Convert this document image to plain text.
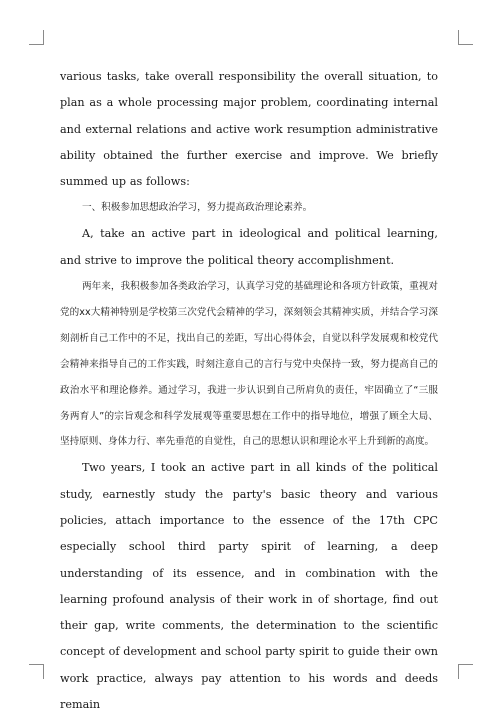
various tasks, take overall responsibility the overall situation, to plan as a whole processing major problem, coordinating internal and external relations and active work resumption administrative ability obtained the further exercise and improve. We briefly summed up as follows:

一、积极参加思想政治学习，努力提高政治理论素养。

A, take an active part in ideological and political learning, and strive to improve the political theory accomplishment.

两年来，我积极参加各类政治学习，认真学习党的基础理论和各项方针政策，重视对党的xx大精神特别是学校第三次党代会精神的学习，深刻领会其精神实质，并结合学习深刻剖析自己工作中的不足，找出自己的差距，写出心得体会，自觉以科学发展观和校党代会精神来指导自己的工作实践，时刻注意自己的言行与党中央保持一致，努力提高自己的政治水平和理论修养。通过学习，我进一步认识到自己所肩负的责任，牢固确立了“三服务两育人”的宗旨观念和科学发展观等重要思想在工作中的指导地位，增强了顾全大局、坚持原则、身体力行、率先垂范的自觉性，自己的思想认识和理论水平上升到新的高度。

Two years, I took an active part in all kinds of the political study, earnestly study the party's basic theory and various policies, attach importance to the essence of the 17th CPC especially school third party spirit of learning, a deep understanding of its essence, and in combination with the learning profound analysis of their work in of shortage, find out their gap, write comments, the determination to the scientific concept of development and school party spirit to guide their own work practice, always pay attention to his words and deeds remain
